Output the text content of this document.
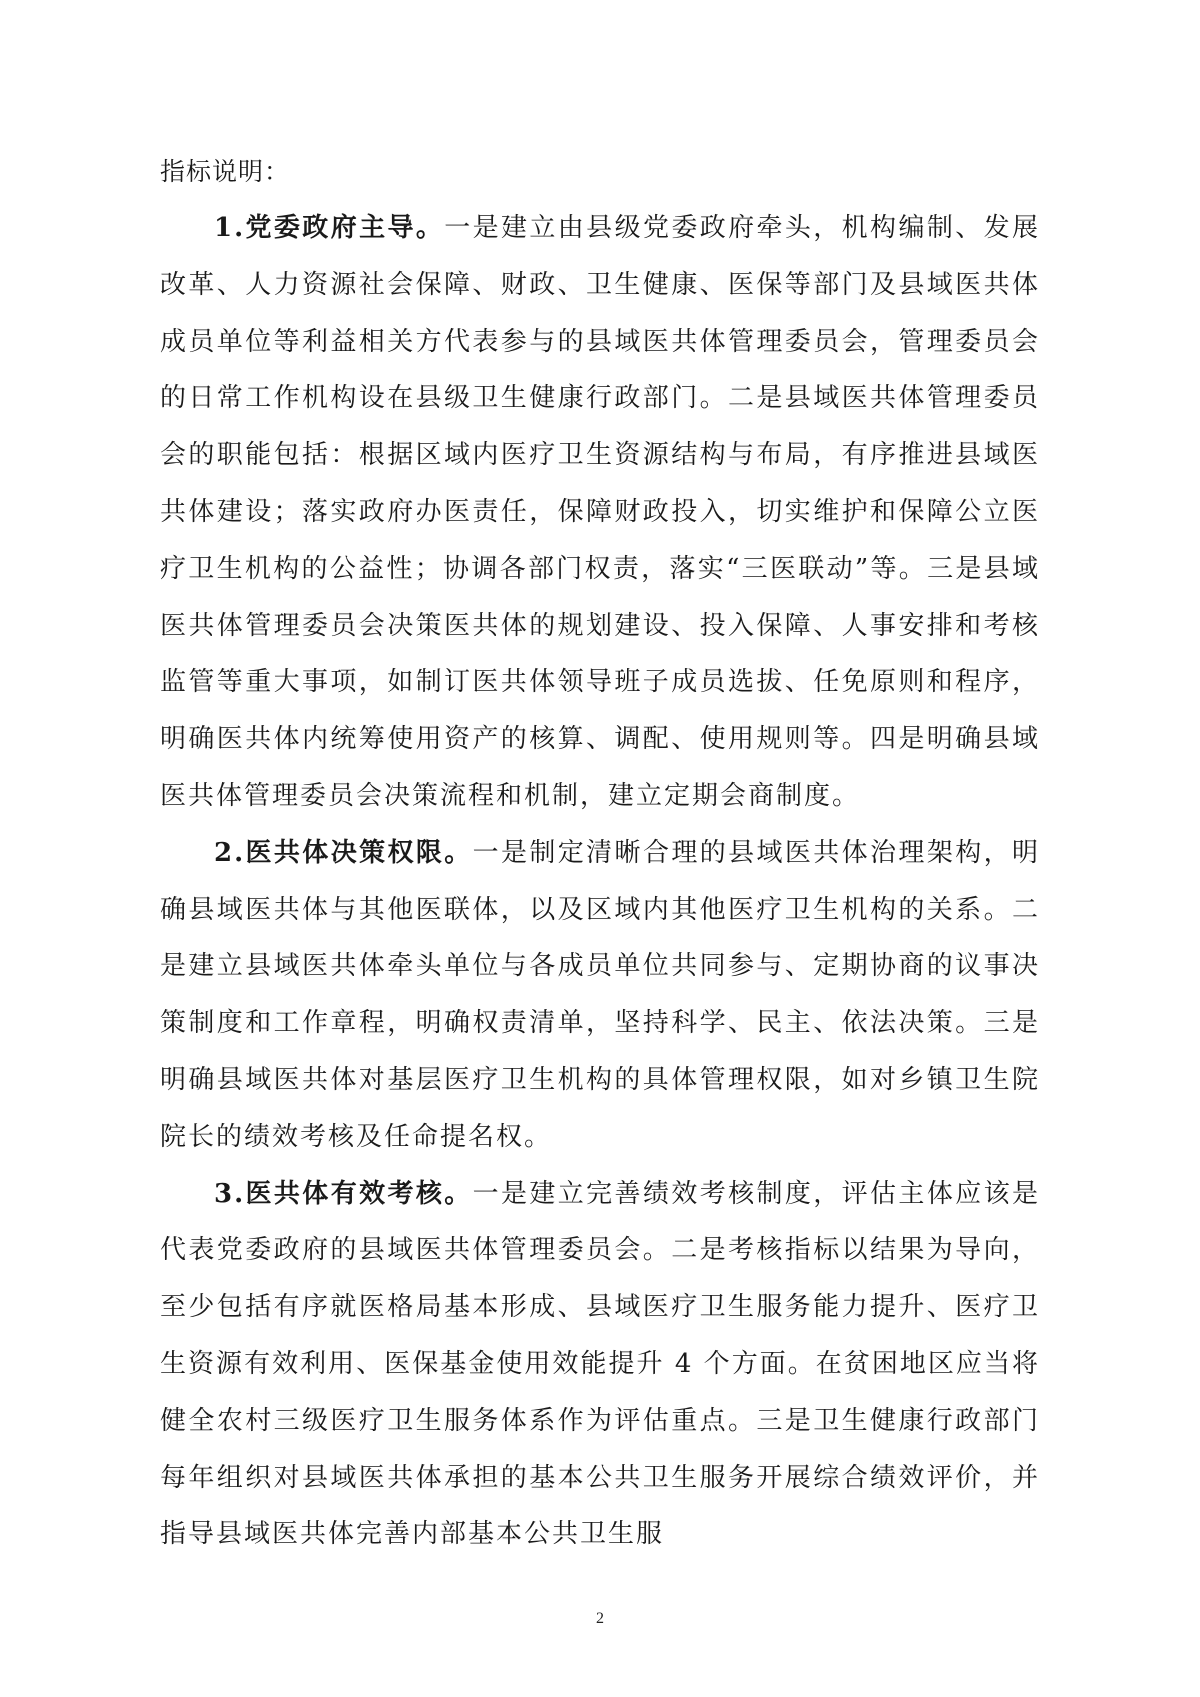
指标说明：

1.党委政府主导。一是建立由县级党委政府牵头，机构编制、发展改革、人力资源社会保障、财政、卫生健康、医保等部门及县域医共体成员单位等利益相关方代表参与的县域医共体管理委员会，管理委员会的日常工作机构设在县级卫生健康行政部门。二是县域医共体管理委员会的职能包括：根据区域内医疗卫生资源结构与布局，有序推进县域医共体建设；落实政府办医责任，保障财政投入，切实维护和保障公立医疗卫生机构的公益性；协调各部门权责，落实“三医联动”等。三是县域医共体管理委员会决策医共体的规划建设、投入保障、人事安排和考核监管等重大事项，如制订医共体领导班子成员选拔、任免原则和程序，明确医共体内统筹使用资产的核算、调配、使用规则等。四是明确县域医共体管理委员会决策流程和机制，建立定期会商制度。

2.医共体决策权限。一是制定清晰合理的县域医共体治理架构，明确县域医共体与其他医联体，以及区域内其他医疗卫生机构的关系。二是建立县域医共体牵头单位与各成员单位共同参与、定期协商的议事决策制度和工作章程，明确权责清单，坚持科学、民主、依法决策。三是明确县域医共体对基层医疗卫生机构的具体管理权限，如对乡镇卫生院院长的绩效考核及任命提名权。

3.医共体有效考核。一是建立完善绩效考核制度，评估主体应该是代表党委政府的县域医共体管理委员会。二是考核指标以结果为导向，至少包括有序就医格局基本形成、县域医疗卫生服务能力提升、医疗卫生资源有效利用、医保基金使用效能提升 4 个方面。在贫困地区应当将健全农村三级医疗卫生服务体系作为评估重点。三是卫生健康行政部门每年组织对县域医共体承担的基本公共卫生服务开展综合绩效评价，并指导县域医共体完善内部基本公共卫生服

2
